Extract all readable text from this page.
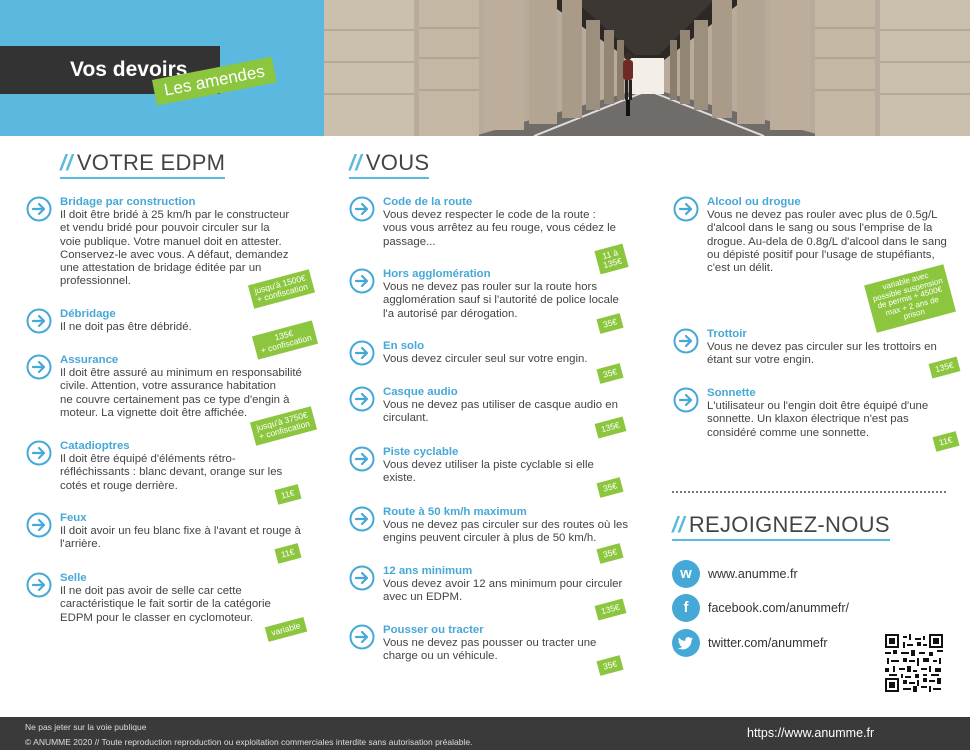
Vos devoirs
Les amendes
// VOTRE EDPM
Bridage par construction
Il doit être bridé à 25 km/h par le constructeur
et vendu bridé pour pouvoir circuler sur la
voie publique. Votre manuel doit en attester.
Conservez-le avec vous. A défaut, demandez
une attestation de bridage éditée par un
professionnel.	jusqu'à 1500€
+ confiscation
Débridage
Il ne doit pas être débridé.
135€
+ confiscation
Assurance
Il doit être assuré au minimum en responsabilité
civile. Attention, votre assurance habitation
ne couvre certainement pas ce type d'engin à
moteur. La vignette doit être affichée. jusqu'à 3750€
+ confiscation
Catadioptres
Il doit être équipé d'éléments rétro-
réfléchissants : blanc devant, orange sur les
cotés et rouge derrière.
11€
Feux
Il doit avoir un feu blanc fixe à l'avant et rouge à
l'arrière.
11€
Selle
Il ne doit pas avoir de selle car cette
caractéristique le fait sortir de la catégorie
EDPM pour le classer en cyclomoteur.
variable
// VOUS
Code de la route
Vous devez respecter le code de la route :
vous vous arrêtez au feu rouge, vous cédez le
passage...
11 à
135€
Hors agglomération
Vous ne devez pas rouler sur la route hors
agglomération sauf si l'autorité de police locale
l'a autorisé par dérogation.
35€
En solo
Vous devez circuler seul sur votre engin.
35€
Casque audio
Vous ne devez pas utiliser de casque audio en
circulant.
135€
Piste cyclable
Vous devez utiliser la piste cyclable si elle
existe.
35€
Route à 50 km/h maximum
Vous ne devez pas circuler sur des routes où les
engins peuvent circuler à plus de 50 km/h.
35€
12 ans minimum
Vous devez avoir 12 ans minimum pour circuler
avec un EDPM.
135€
Pousser ou tracter
Vous ne devez pas pousser ou tracter une
charge ou un véhicule.
35€
Alcool ou drogue
Vous ne devez pas rouler avec plus de 0.5g/L
d'alcool dans le sang ou sous l'emprise de la
drogue. Au-dela de 0.8g/L d'alcool dans le sang
ou dépisté positif pour l'usage de stupéfiants,
c'est un délit.
variable avec
possible suspension
de permis + 4500€
max + 2 ans de
prison
Trottoir
Vous ne devez pas circuler sur les trottoirs en
étant sur votre engin.	135€
Sonnette
L'utilisateur ou l'engin doit être équipé d'une
sonnette. Un klaxon électrique n'est pas
considéré comme une sonnette.
11€
// REJOIGNEZ-NOUS
w	www.anumme.fr
f	facebook.com/anummefr/
twitter.com/anummefr
Ne pas jeter sur la voie publique
© ANUMME 2020 // Toute reproduction reproduction ou exploitation commerciales interdite sans autorisation préalable.
https://www.anumme.fr
